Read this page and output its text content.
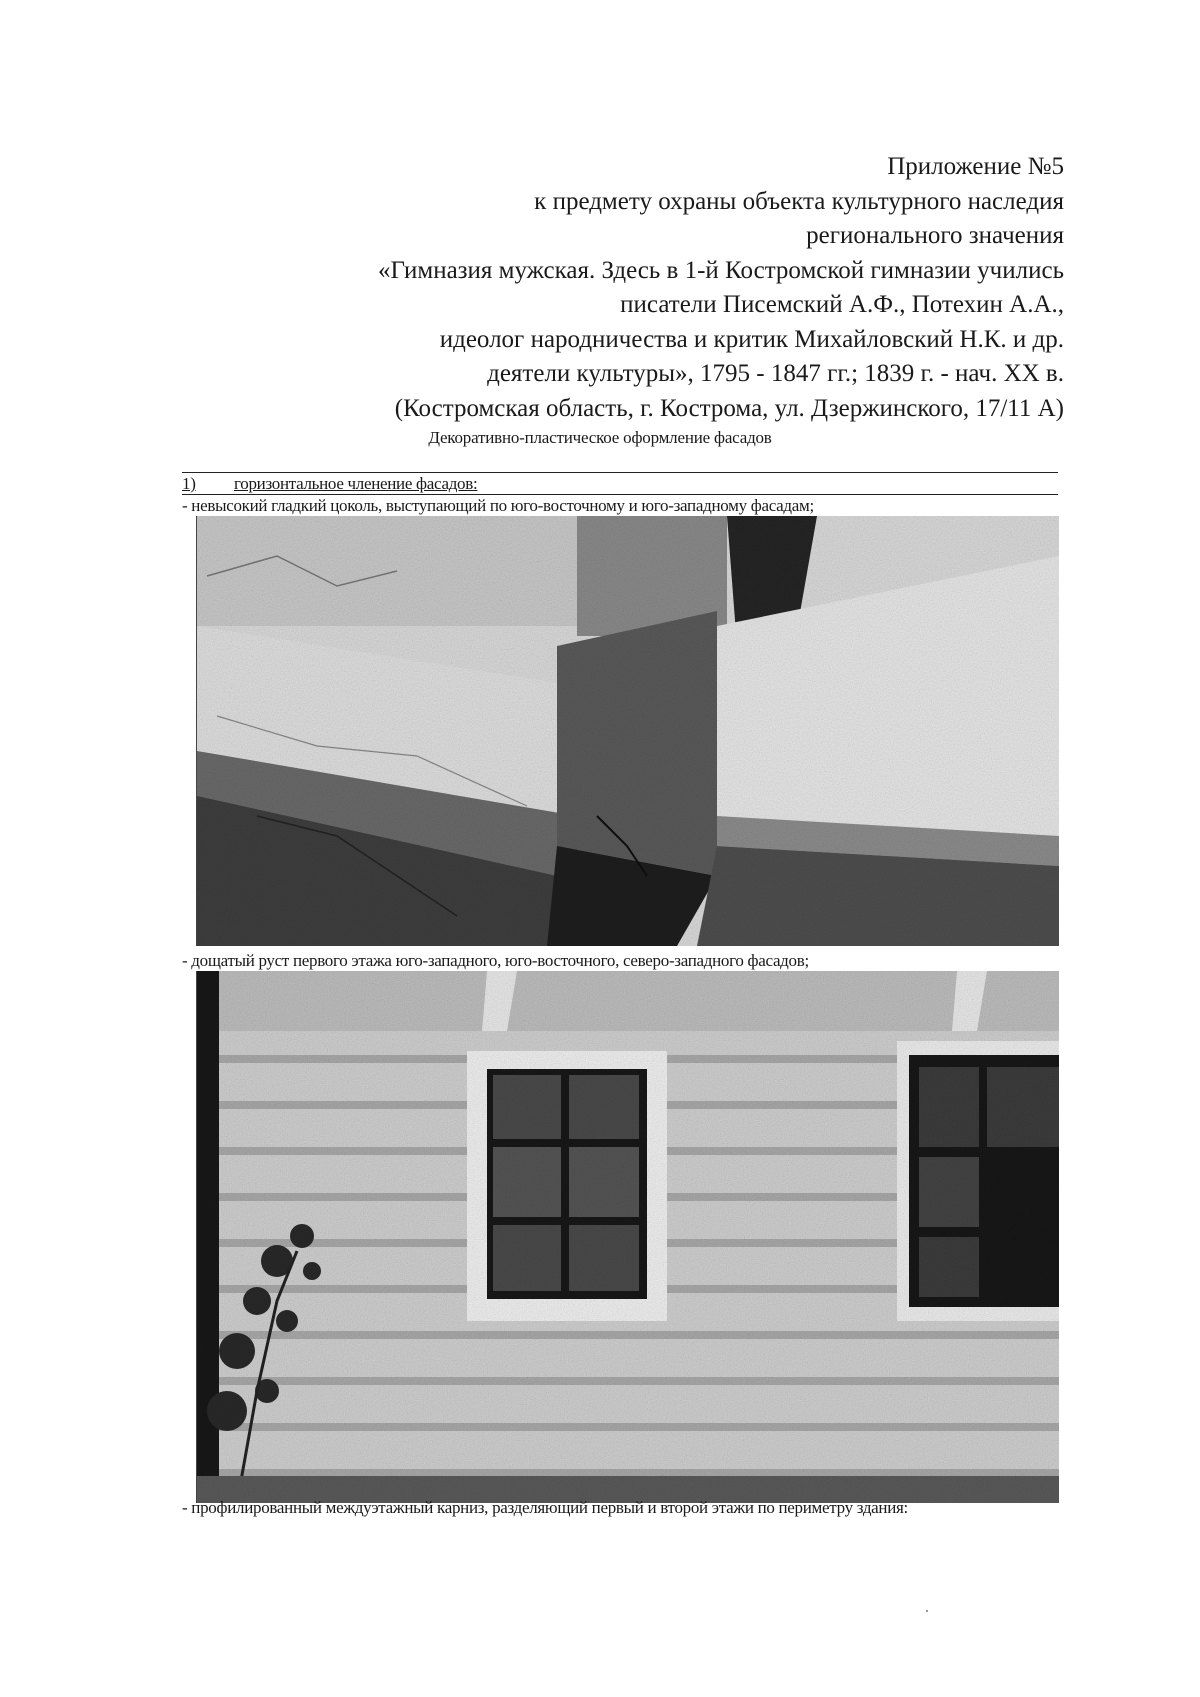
Приложение №5
к предмету охраны объекта культурного наследия
регионального значения
«Гимназия мужская. Здесь в 1-й Костромской гимназии учились
писатели Писемский А.Ф., Потехин А.А.,
идеолог народничества и критик Михайловский Н.К. и др.
деятели культуры», 1795 - 1847 гг.; 1839 г. - нач. XX в.
(Костромская область, г. Кострома, ул. Дзержинского, 17/11 А)
Декоративно-пластическое оформление фасадов
1) горизонтальное членение фасадов:
- невысокий гладкий цоколь, выступающий по юго-восточному и юго-западному фасадам;
- дощатый руст первого этажа юго-западного, юго-восточного, северо-западного фасадов;
- профилированный междуэтажный карниз, разделяющий первый и второй этажи по периметру здания:
